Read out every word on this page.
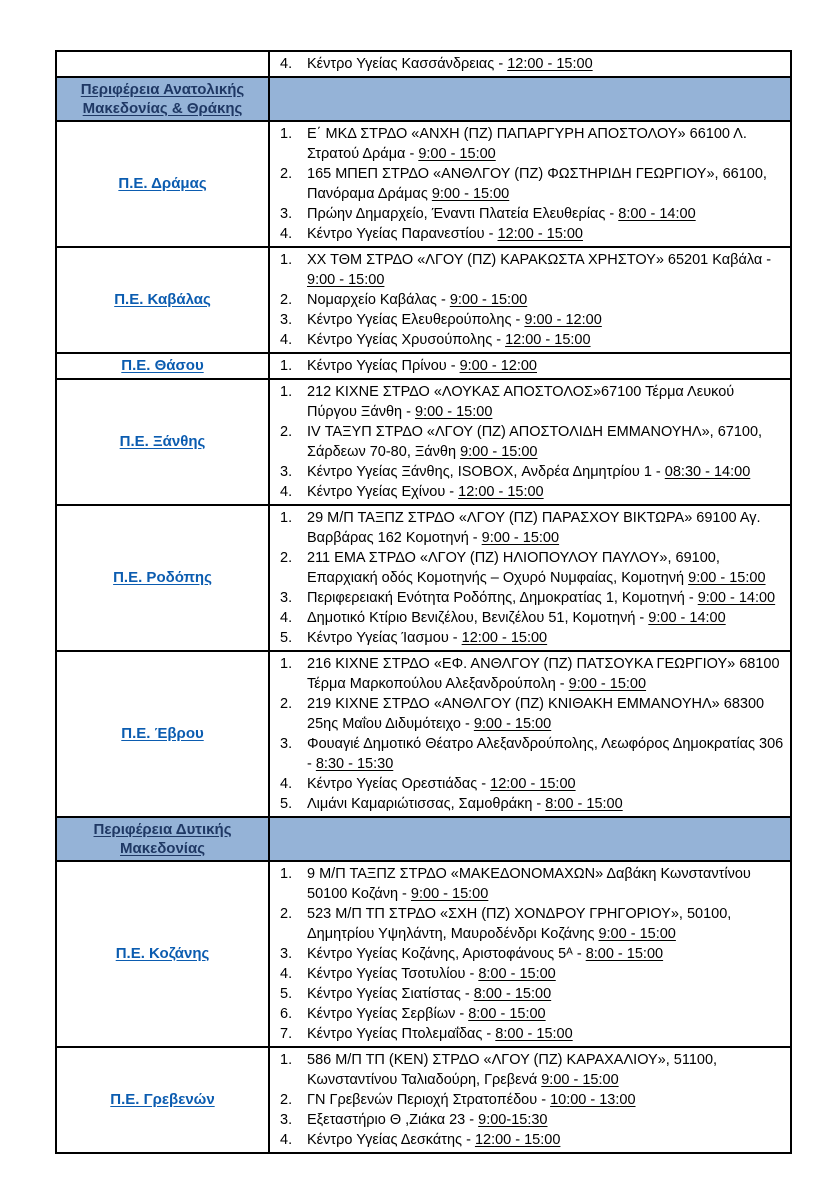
	4. Κέντρο Υγείας Κασσάνδρειας - 12:00 - 15:00

Περιφέρεια Ανατολικής Μακεδονίας & Θράκης	
Π.Ε. Δράμας	
1.	Ε΄ ΜΚΔ ΣΤΡΔΟ «ΑΝΧΗ (ΠΖ) ΠΑΠΑΡΓΥΡΗ ΑΠΟΣΤΟΛΟΥ» 66100 Λ. Στρατού Δράμα - 9:00 - 15:00
2.	165 ΜΠΕΠ ΣΤΡΔΟ «ΑΝΘΛΓΟΥ (ΠΖ) ΦΩΣΤΗΡΙΔΗ ΓΕΩΡΓΙΟΥ», 66100, Πανόραμα Δράμας 9:00 - 15:00
3.	Πρώην Δημαρχείο, Έναντι Πλατεία Ελευθερίας - 8:00 - 14:00
4.	Κέντρο Υγείας Παρανεστίου - 12:00 - 15:00

Π.Ε. Καβάλας	
1.	ΧΧ ΤΘΜ ΣΤΡΔΟ «ΛΓΟΥ (ΠΖ) ΚΑΡΑΚΩΣΤΑ ΧΡΗΣΤΟΥ» 65201 Καβάλα - 9:00 - 15:00
2.	Νομαρχείο Καβάλας - 9:00 - 15:00
3.	Κέντρο Υγείας Ελευθερούπολης - 9:00 - 12:00
4.	Κέντρο Υγείας Χρυσούπολης - 12:00 - 15:00

Π.Ε. Θάσου	1. Κέντρο Υγείας Πρίνου - 9:00 - 12:00

Π.Ε. Ξάνθης	
1.	212 ΚΙΧΝΕ ΣΤΡΔΟ «ΛΟΥΚΑΣ ΑΠΟΣΤΟΛΟΣ»67100 Τέρμα Λευκού Πύργου Ξάνθη - 9:00 - 15:00
2.	IV ΤΑΞΥΠ ΣΤΡΔΟ «ΛΓΟΥ (ΠΖ) ΑΠΟΣΤΟΛΙΔΗ ΕΜΜΑΝΟΥΗΛ», 67100, Σάρδεων 70-80, Ξάνθη 9:00 - 15:00
3.	Κέντρο Υγείας Ξάνθης, ISOBOX, Ανδρέα Δημητρίου 1 - 08:30 - 14:00
4.	Κέντρο Υγείας Εχίνου - 12:00 - 15:00

Π.Ε. Ροδόπης	
1.	29 Μ/Π ΤΑΞΠΖ ΣΤΡΔΟ «ΛΓΟΥ (ΠΖ) ΠΑΡΑΣΧΟΥ ΒΙΚΤΩΡΑ» 69100 Αγ. Βαρβάρας 162 Κομοτηνή - 9:00 - 15:00
2.	211 ΕΜΑ ΣΤΡΔΟ «ΛΓΟΥ (ΠΖ) ΗΛΙΟΠΟΥΛΟΥ ΠΑΥΛΟΥ», 69100, Επαρχιακή οδός Κομοτηνής – Οχυρό Νυμφαίας, Κομοτηνή 9:00 - 15:00
3.	Περιφερειακή Ενότητα Ροδόπης, Δημοκρατίας 1, Κομοτηνή - 9:00 - 14:00
4.	Δημοτικό Κτίριο Βενιζέλου, Βενιζέλου 51, Κομοτηνή - 9:00 - 14:00
5.	Κέντρο Υγείας Ίασμου - 12:00 - 15:00

Π.Ε. Έβρου	
1.	216 ΚΙΧΝΕ ΣΤΡΔΟ «ΕΦ. ΑΝΘΛΓΟΥ (ΠΖ) ΠΑΤΣΟΥΚΑ ΓΕΩΡΓΙΟΥ» 68100 Τέρμα Μαρκοπούλου Αλεξανδρούπολη - 9:00 - 15:00
2.	219 ΚΙΧΝΕ ΣΤΡΔΟ «ΑΝΘΛΓΟΥ (ΠΖ) ΚΝΙΘΑΚΗ ΕΜΜΑΝΟΥΗΛ» 68300 25ης Μαΐου Διδυμότειχο - 9:00 - 15:00
3.	Φουαγιέ Δημοτικό Θέατρο Αλεξανδρούπολης, Λεωφόρος Δημοκρατίας 306 - 8:30 - 15:30
4.	Κέντρο Υγείας Ορεστιάδας - 12:00 - 15:00
5.	Λιμάνι Καμαριώτισσας, Σαμοθράκη - 8:00 - 15:00

Περιφέρεια Δυτικής Μακεδονίας	
Π.Ε. Κοζάνης	
1.	9 Μ/Π ΤΑΞΠΖ ΣΤΡΔΟ «ΜΑΚΕΔΟΝΟΜΑΧΩΝ» Δαβάκη Κωνσταντίνου 50100 Κοζάνη - 9:00 - 15:00
2.	523 Μ/Π ΤΠ ΣΤΡΔΟ «ΣΧΗ (ΠΖ) ΧΟΝΔΡΟΥ ΓΡΗΓΟΡΙΟΥ», 50100, Δημητρίου Υψηλάντη, Μαυροδένδρι Κοζάνης 9:00 - 15:00
3.	Κέντρο Υγείας Κοζάνης, Αριστοφάνους 5ᴬ - 8:00 - 15:00
4.	Κέντρο Υγείας Τσοτυλίου - 8:00 - 15:00
5.	Κέντρο Υγείας Σιατίστας - 8:00 - 15:00
6.	Κέντρο Υγείας Σερβίων - 8:00 - 15:00
7.	Κέντρο Υγείας Πτολεμαΐδας - 8:00 - 15:00

Π.Ε. Γρεβενών	
1.	586 Μ/Π ΤΠ (ΚΕΝ) ΣΤΡΔΟ «ΛΓΟΥ (ΠΖ) ΚΑΡΑΧΑΛΙΟΥ», 51100, Κωνσταντίνου Ταλιαδούρη, Γρεβενά 9:00 - 15:00
2.	ΓΝ Γρεβενών Περιοχή Στρατοπέδου - 10:00 - 13:00
3.	Εξεταστήριο Θ ,Ζιάκα 23 - 9:00-15:30
4.	Κέντρο Υγείας Δεσκάτης - 12:00 - 15:00
